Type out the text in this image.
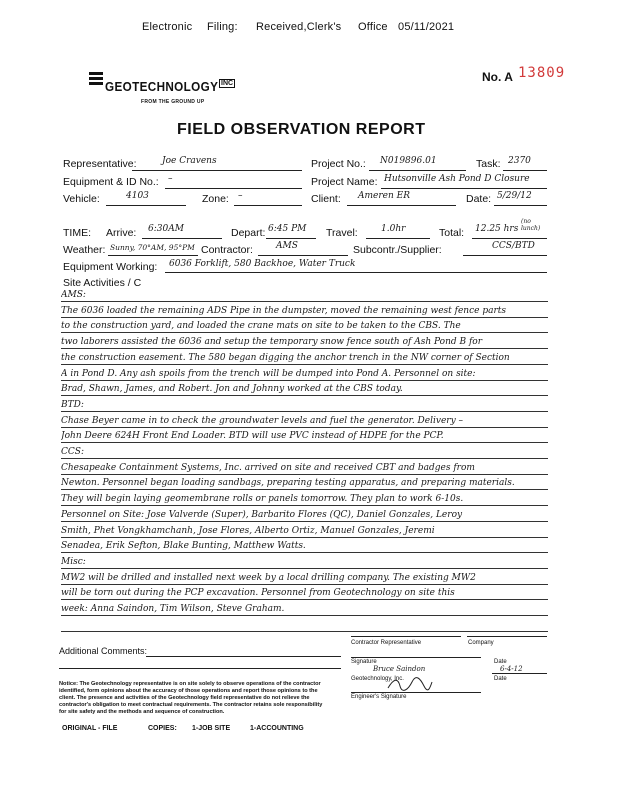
Electronic Filing: Received,Clerk's Office 05/11/2021
GEOTECHNOLOGY INC
FROM THE GROUND UP
No. A 13809
FIELD OBSERVATION REPORT
Representative:	Joe Cravens	Project No.: N019896.01	Task: 2370
Equipment & ID No.: –	Project Name: Hutsonville Ash Pond D Closure
Vehicle:	4103	Zone: –	Client: Ameren ER	Date: 5/29/12
TIME: Arrive: 6:30AM	Depart: 6:45 PM Travel:	1.0hr	Total: 12.25 hrs
(no lunch)
Weather: Sunny, 70°AM, 95°PM Contractor:	AMS	Subcontr./Supplier:	CCS/BTD
Equipment Working: 6036 Forklift, 580 Backhoe, Water Truck
Site Activities / C
AMS:
The 6036 loaded the remaining ADS Pipe in the dumpster, moved the remaining west fence parts
to the construction yard, and loaded the crane mats on site to be taken to the CBS. The
two laborers assisted the 6036 and setup the temporary snow fence south of Ash Pond B for
the construction easement. The 580 began digging the anchor trench in the NW corner of Section
A in Pond D. Any ash spoils from the trench will be dumped into Pond A. Personnel on site:
Brad, Shawn, James, and Robert. Jon and Johnny worked at the CBS today.
BTD:
Chase Beyer came in to check the groundwater levels and fuel the generator. Delivery –
John Deere 624H Front End Loader. BTD will use PVC instead of HDPE for the PCP.
CCS:
Chesapeake Containment Systems, Inc. arrived on site and received CBT and badges from
Newton. Personnel began loading sandbags, preparing testing apparatus, and preparing materials.
They will begin laying geomembrane rolls or panels tomorrow. They plan to work 6-10s.
Personnel on Site: Jose Valverde (Super), Barbarito Flores (QC), Daniel Gonzales, Leroy
Smith, Phet Vongkhamchanh, Jose Flores, Alberto Ortiz, Manuel Gonzales, Jeremi
Senadea, Erik Sefton, Blake Bunting, Matthew Watts.
Misc:
MW2 will be drilled and installed next week by a local drilling company. The existing MW2
will be torn out during the PCP excavation. Personnel from Geotechnology on site this
week: Anna Saindon, Tim Wilson, Steve Graham.
Contractor Representative	Company
Additional Comments:
Signature
Bruce Saindon
Date
6-4-12
Geotechnology, Inc.
Engineer's Signature
Date
Notice: The Geotechnology representative is on site solely to observe operations of the contractor
identified, form opinions about the accuracy of those operations and report those opinions to the
client. The presence and activities of the Geotechnology field representative do not relieve the
contractor's obligation to meet contractual requirements. The contractor retains sole responsibility
for site safety and the methods and sequence of construction.
ORIGINAL - FILE	COPIES: 1-JOB SITE	1-ACCOUNTING
